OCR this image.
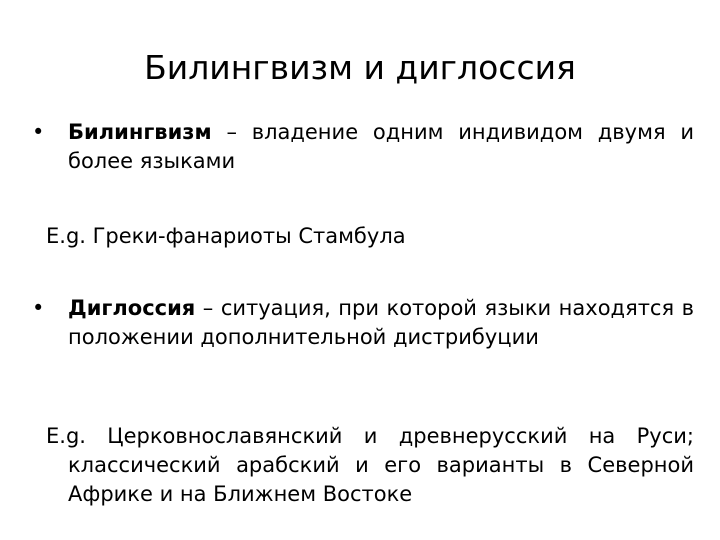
Билингвизм и диглоссия
•	Билингвизм – владение одним индивидом двумя и более языками
E.g. Греки-фанариоты Стамбула
•	Диглоссия – ситуация, при которой языки находятся в положении дополнительной дистрибуции
E.g. Церковнославянский и древнерусский на Руси; классический арабский и его варианты в Северной Африке и на Ближнем Востоке
